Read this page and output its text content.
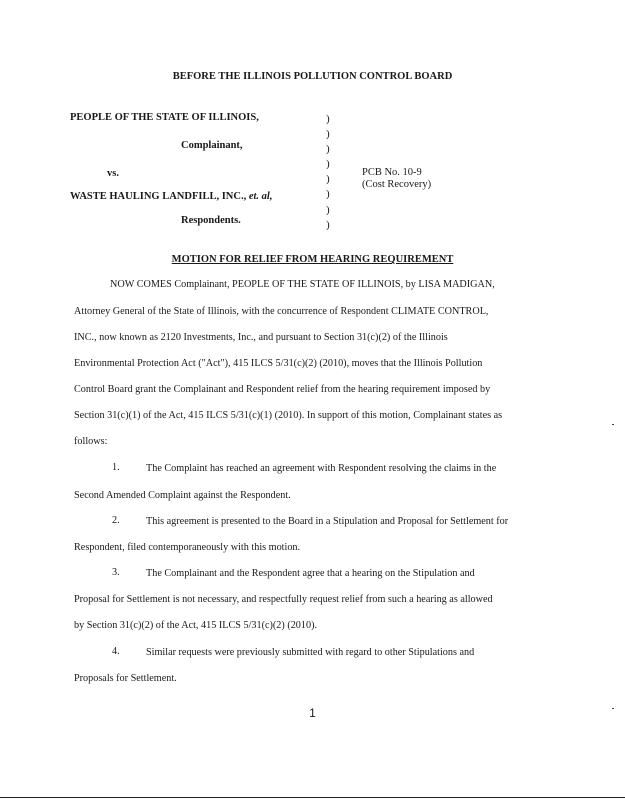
BEFORE THE ILLINOIS POLLUTION CONTROL BOARD
PEOPLE OF THE STATE OF ILLINOIS,
Complainant,
vs.
WASTE HAULING LANDFILL, INC., et. al,
Respondents.
)
)
)
)
)
)
)
)
PCB No. 10-9
(Cost Recovery)
MOTION FOR RELIEF FROM HEARING REQUIREMENT
NOW COMES Complainant, PEOPLE OF THE STATE OF ILLINOIS, by LISA MADIGAN,
Attorney General of the State of Illinois, with the concurrence of Respondent CLIMATE CONTROL,
INC., now known as 2120 Investments, Inc., and pursuant to Section 31(c)(2) of the Illinois
Environmental Protection Act ("Act"), 415 ILCS 5/31(c)(2) (2010), moves that the Illinois Pollution
Control Board grant the Complainant and Respondent relief from the hearing requirement imposed by
Section 31(c)(1) of the Act, 415 ILCS 5/31(c)(1) (2010). In support of this motion, Complainant states as
follows:
1.	The Complaint has reached an agreement with Respondent resolving the claims in the
Second Amended Complaint against the Respondent.
2.	This agreement is presented to the Board in a Stipulation and Proposal for Settlement for
Respondent, filed contemporaneously with this motion.
3.	The Complainant and the Respondent agree that a hearing on the Stipulation and
Proposal for Settlement is not necessary, and respectfully request relief from such a hearing as allowed
by Section 31(c)(2) of the Act, 415 ILCS 5/31(c)(2) (2010).
4.	Similar requests were previously submitted with regard to other Stipulations and
Proposals for Settlement.
1
